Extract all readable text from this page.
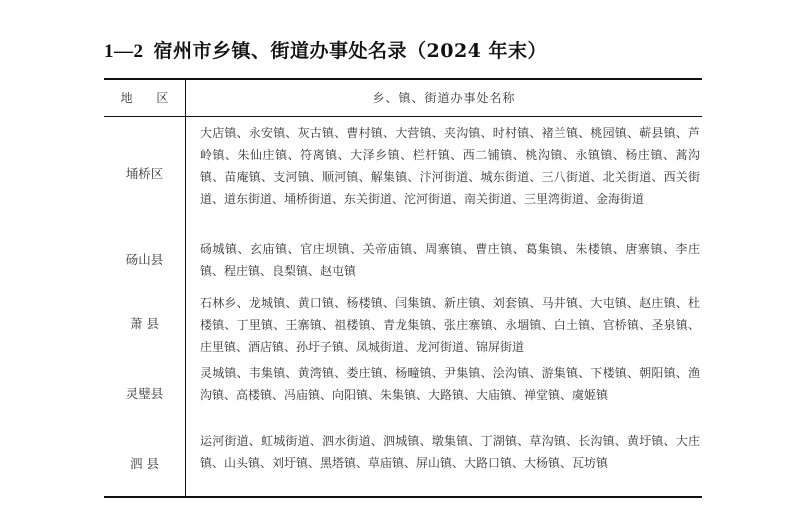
1—2 宿州市乡镇、街道办事处名录（2024 年末）
地 区	乡、镇、街道办事处名称
埇桥区
大店镇、永安镇、灰古镇、曹村镇、大营镇、夹沟镇、时村镇、褚兰镇、桃园镇、蕲县镇、芦岭镇、朱仙庄镇、符离镇、大泽乡镇、栏杆镇、西二铺镇、桃沟镇、永镇镇、杨庄镇、蒿沟镇、苗庵镇、支河镇、顺河镇、解集镇、汴河街道、城东街道、三八街道、北关街道、西关街道、道东街道、埇桥街道、东关街道、沱河街道、南关街道、三里湾街道、金海街道
砀山县
砀城镇、玄庙镇、官庄坝镇、关帝庙镇、周寨镇、曹庄镇、葛集镇、朱楼镇、唐寨镇、李庄镇、程庄镇、良梨镇、赵屯镇
萧 县
石林乡、龙城镇、黄口镇、杨楼镇、闫集镇、新庄镇、刘套镇、马井镇、大屯镇、赵庄镇、杜楼镇、丁里镇、王寨镇、祖楼镇、青龙集镇、张庄寨镇、永堌镇、白土镇、官桥镇、圣泉镇、庄里镇、酒店镇、孙圩子镇、凤城街道、龙河街道、锦屏街道
灵璧县
灵城镇、韦集镇、黄湾镇、娄庄镇、杨疃镇、尹集镇、浍沟镇、游集镇、下楼镇、朝阳镇、渔沟镇、高楼镇、冯庙镇、向阳镇、朱集镇、大路镇、大庙镇、禅堂镇、虞姬镇
泗 县
运河街道、虹城街道、泗水街道、泗城镇、墩集镇、丁湖镇、草沟镇、长沟镇、黄圩镇、大庄镇、山头镇、刘圩镇、黑塔镇、草庙镇、屏山镇、大路口镇、大杨镇、瓦坊镇
